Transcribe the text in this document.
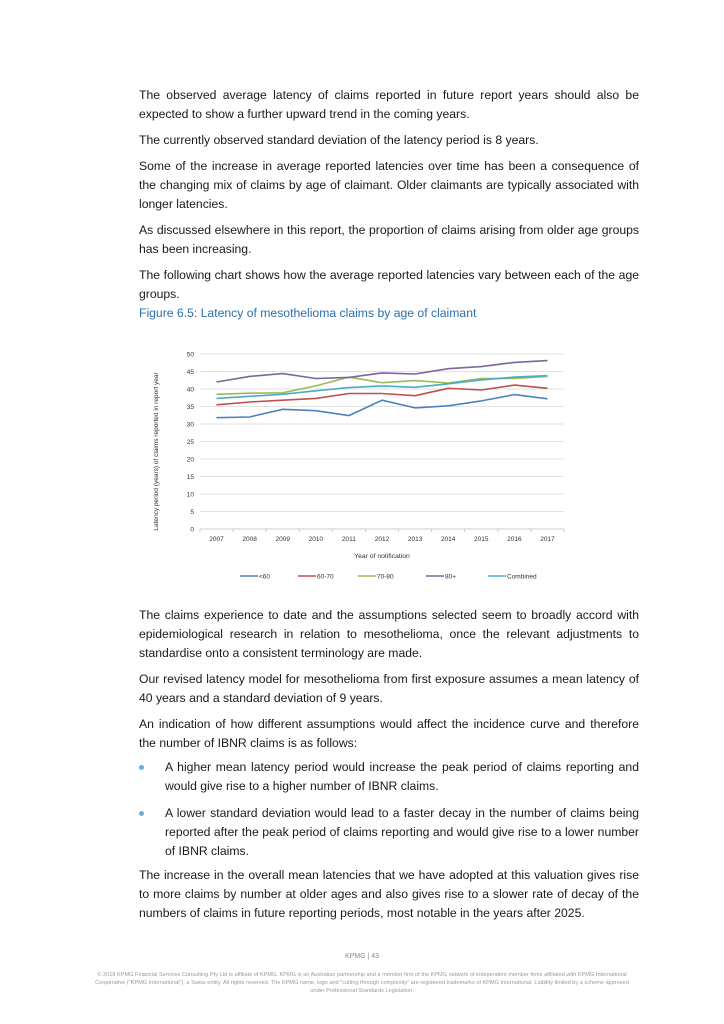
The observed average latency of claims reported in future report years should also be expected to show a further upward trend in the coming years.

The currently observed standard deviation of the latency period is 8 years.

Some of the increase in average reported latencies over time has been a consequence of the changing mix of claims by age of claimant. Older claimants are typically associated with longer latencies.

As discussed elsewhere in this report, the proportion of claims arising from older age groups has been increasing.

The following chart shows how the average reported latencies vary between each of the age groups.

Figure 6.5: Latency of mesothelioma claims by age of claimant
0
5
10
15
20
25
30
35
40
45
50
2007	2008	2009	2010	2011	2012	2013	2014	2015	2016	2017
Year of notification
Latency period (years) of claims reported in report year
<60	60-70	70-80	80+	Combined

The claims experience to date and the assumptions selected seem to broadly accord with epidemiological research in relation to mesothelioma, once the relevant adjustments to standardise onto a consistent terminology are made.

Our revised latency model for mesothelioma from first exposure assumes a mean latency of 40 years and a standard deviation of 9 years.

An indication of how different assumptions would affect the incidence curve and therefore the number of IBNR claims is as follows:

A higher mean latency period would increase the peak period of claims reporting and would give rise to a higher number of IBNR claims.
A lower standard deviation would lead to a faster decay in the number of claims being reported after the peak period of claims reporting and would give rise to a lower number of IBNR claims.

The increase in the overall mean latencies that we have adopted at this valuation gives rise to more claims by number at older ages and also gives rise to a slower rate of decay of the numbers of claims in future reporting periods, most notable in the years after 2025.

KPMG | 43
© 2018 KPMG Financial Services Consulting Pty Ltd is affiliate of KPMG. KPMG is an Australian partnership and a member firm of the KPMG network of independent member firms affiliated with KPMG International Cooperative ("KPMG International"), a Swiss entity. All rights reserved. The KPMG name, logo and "cutting through complexity" are registered trademarks of KPMG International. Liability limited by a scheme approved under Professional Standards Legislation.
